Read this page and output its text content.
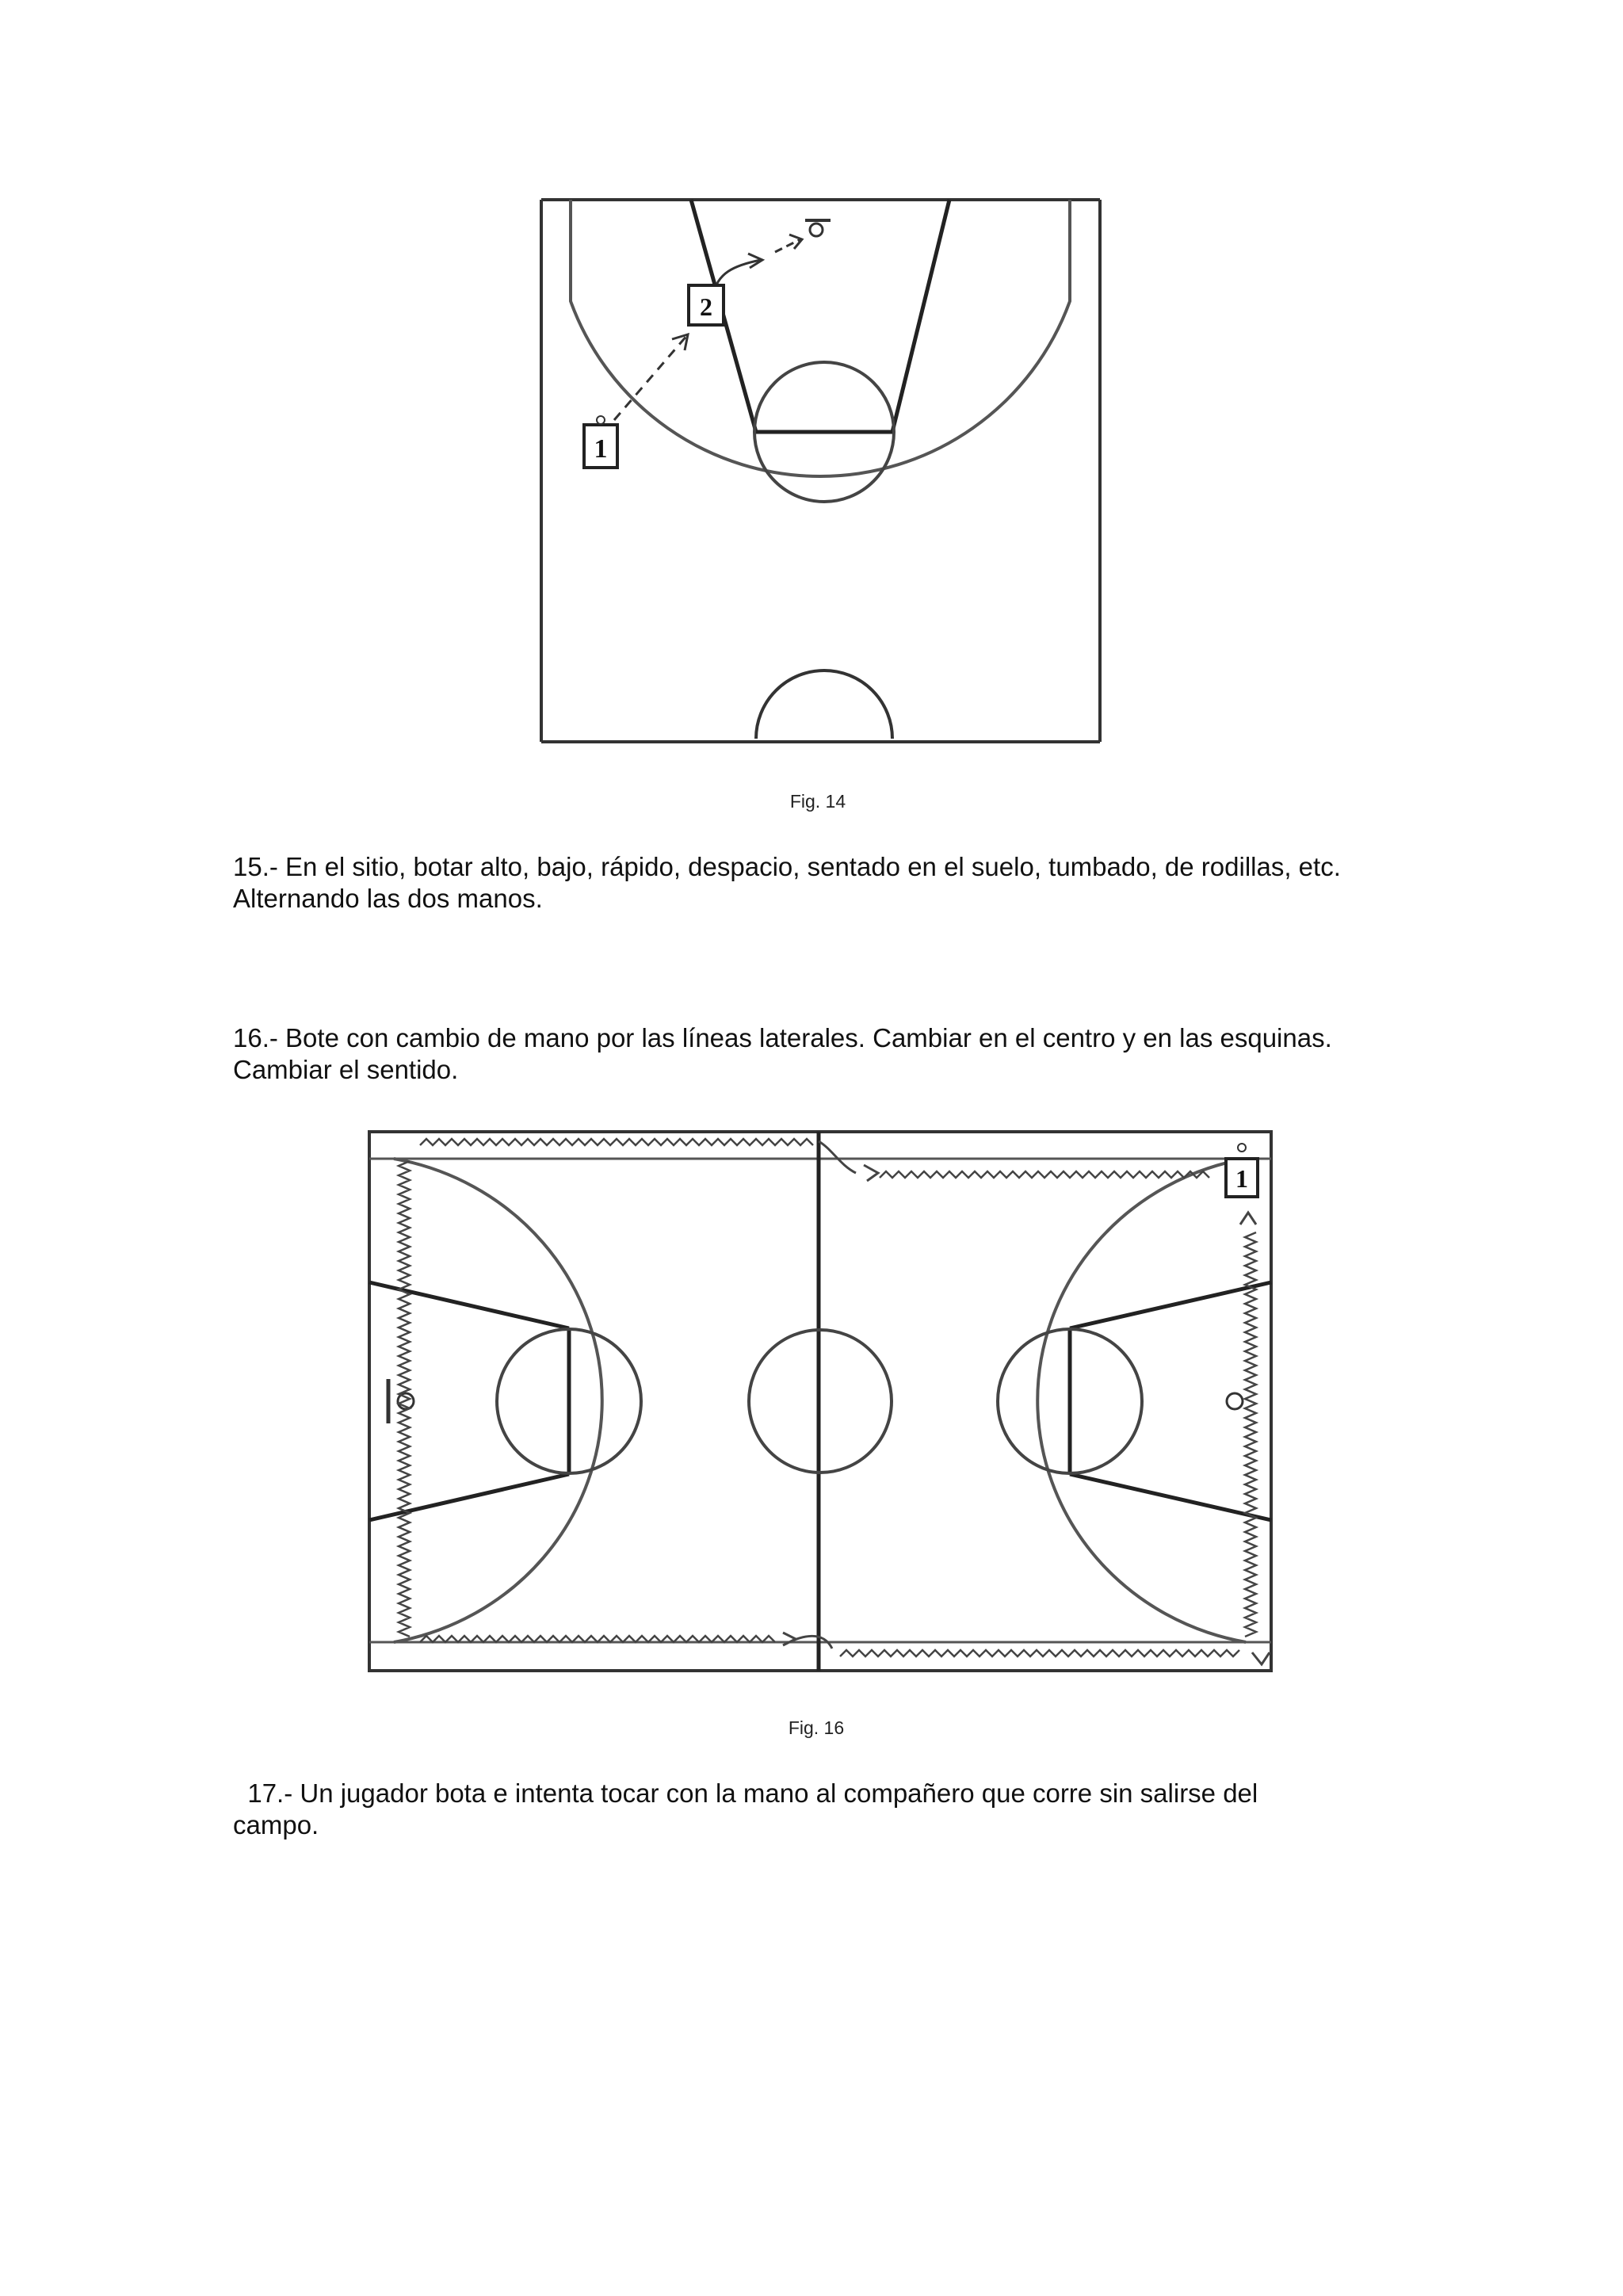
1
2
Fig. 14
15.- En el sitio, botar alto, bajo, rápido, despacio, sentado en el suelo, tumbado, de rodillas, etc.
Alternando las dos manos.
16.- Bote con cambio de mano por las líneas laterales. Cambiar en el centro y en las esquinas.
Cambiar el sentido.
1
Fig. 16
17.- Un jugador bota e intenta tocar con la mano al compañero que corre sin salirse del
campo.
